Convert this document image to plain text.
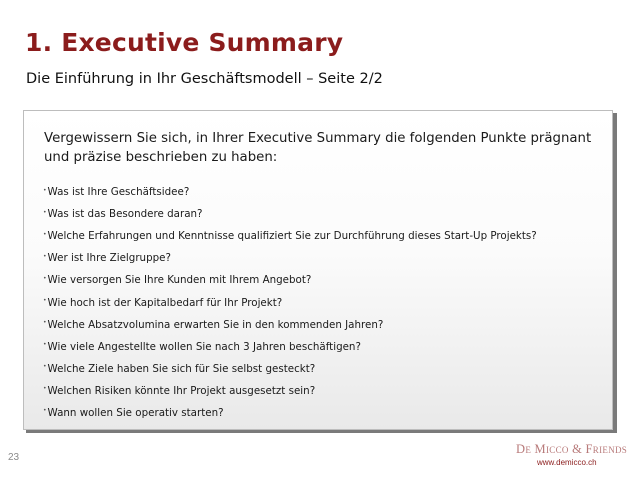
1. Executive Summary
Die Einführung in Ihr Geschäftsmodell – Seite 2/2
Vergewissern Sie sich, in Ihrer Executive Summary die folgenden Punkte prägnant und präzise beschrieben zu haben:
• Was ist Ihre Geschäftsidee?
• Was ist das Besondere daran?
• Welche Erfahrungen und Kenntnisse qualifiziert Sie zur Durchführung dieses Start-Up Projekts?
• Wer ist Ihre Zielgruppe?
• Wie versorgen Sie Ihre Kunden mit Ihrem Angebot?
• Wie hoch ist der Kapitalbedarf für Ihr Projekt?
• Welche Absatzvolumina erwarten Sie in den kommenden Jahren?
• Wie viele Angestellte wollen Sie nach 3 Jahren beschäftigen?
• Welche Ziele haben Sie sich für Sie selbst gesteckt?
• Welchen Risiken könnte Ihr Projekt ausgesetzt sein?
• Wann wollen Sie operativ starten?
23
De Micco & Friends
www.demicco.ch
